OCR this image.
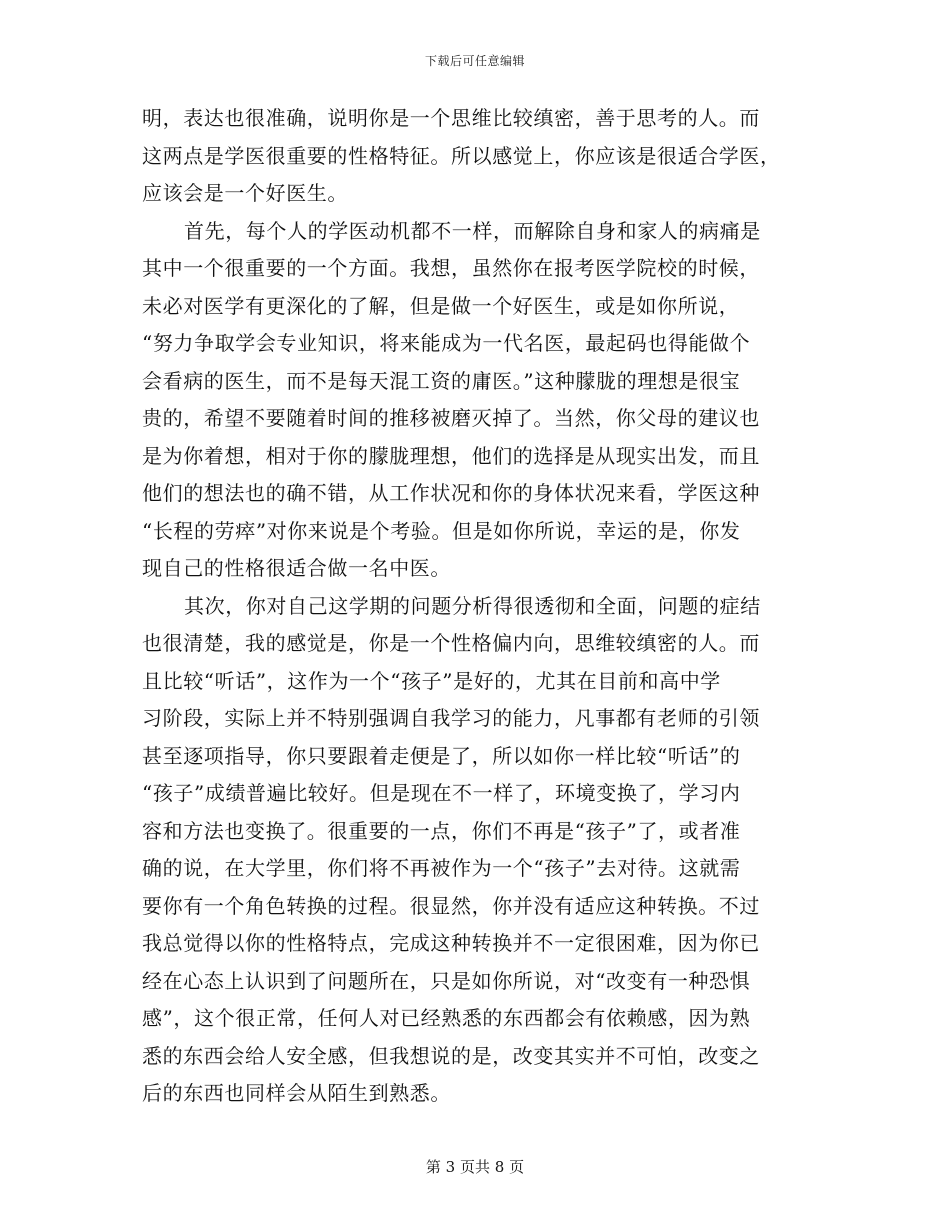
下载后可任意编辑
明，表达也很准确，说明你是一个思维比较缜密，善于思考的人。而
这两点是学医很重要的性格特征。所以感觉上，你应该是很适合学医，
应该会是一个好医生。
首先，每个人的学医动机都不一样，而解除自身和家人的病痛是
其中一个很重要的一个方面。我想，虽然你在报考医学院校的时候，
未必对医学有更深化的了解，但是做一个好医生，或是如你所说，
“努力争取学会专业知识，将来能成为一代名医，最起码也得能做个
会看病的医生，而不是每天混工资的庸医。”这种朦胧的理想是很宝
贵的，希望不要随着时间的推移被磨灭掉了。当然，你父母的建议也
是为你着想，相对于你的朦胧理想，他们的选择是从现实出发，而且
他们的想法也的确不错，从工作状况和你的身体状况来看，学医这种
“长程的劳瘁”对你来说是个考验。但是如你所说，幸运的是，你发
现自己的性格很适合做一名中医。
其次，你对自己这学期的问题分析得很透彻和全面，问题的症结
也很清楚，我的感觉是，你是一个性格偏内向，思维较缜密的人。而
且比较“听话”，这作为一个“孩子”是好的，尤其在目前和高中学
习阶段，实际上并不特别强调自我学习的能力，凡事都有老师的引领
甚至逐项指导，你只要跟着走便是了，所以如你一样比较“听话”的
“孩子”成绩普遍比较好。但是现在不一样了，环境变换了，学习内
容和方法也变换了。很重要的一点，你们不再是“孩子”了，或者准
确的说，在大学里，你们将不再被作为一个“孩子”去对待。这就需
要你有一个角色转换的过程。很显然，你并没有适应这种转换。不过
我总觉得以你的性格特点，完成这种转换并不一定很困难，因为你已
经在心态上认识到了问题所在，只是如你所说，对“改变有一种恐惧
感”，这个很正常，任何人对已经熟悉的东西都会有依赖感，因为熟
悉的东西会给人安全感，但我想说的是，改变其实并不可怕，改变之
后的东西也同样会从陌生到熟悉。
第 3 页共 8 页
